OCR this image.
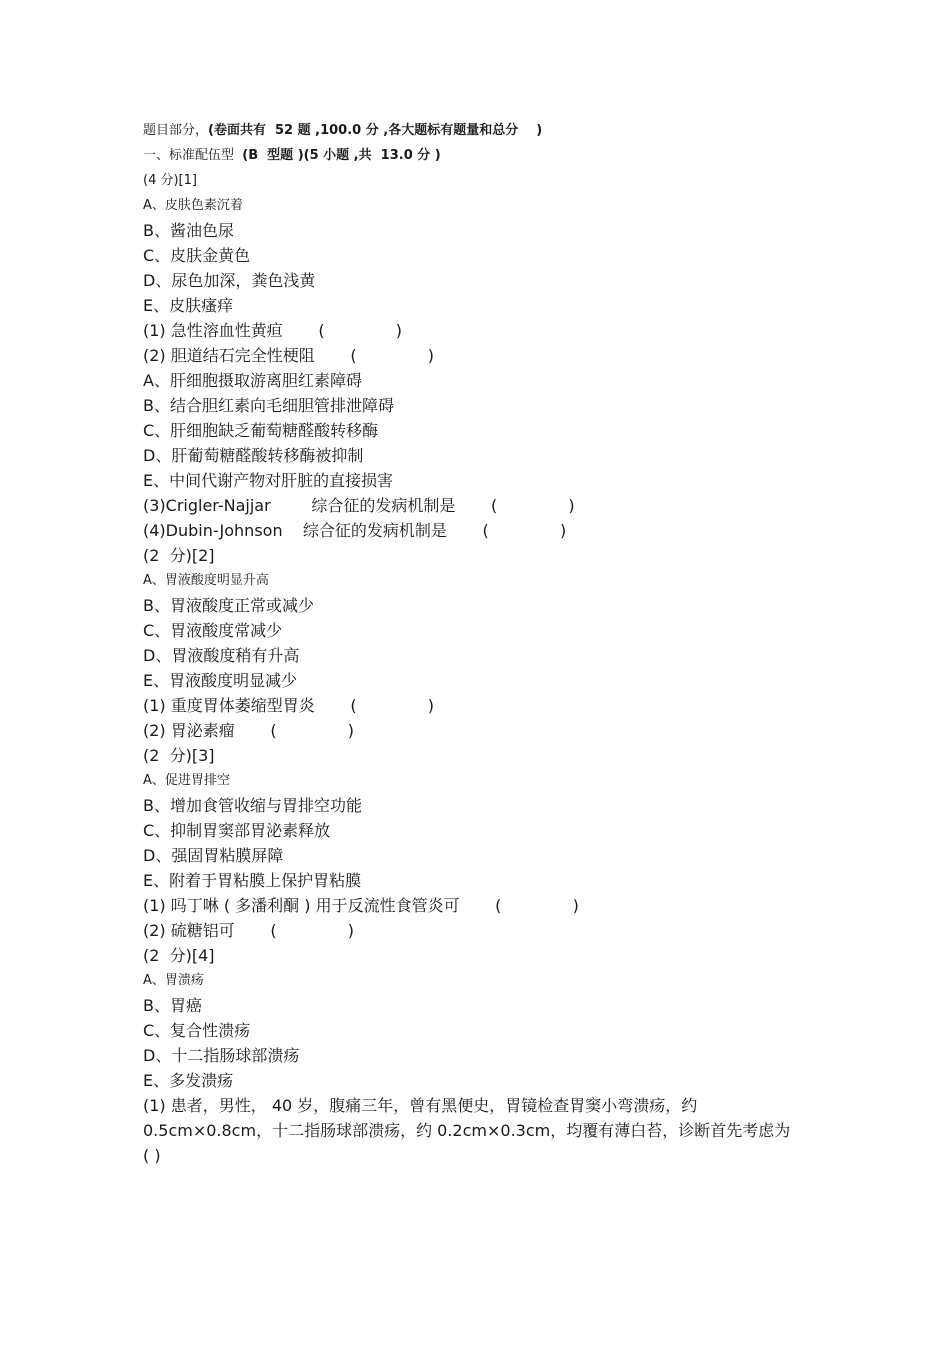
题目部分，(卷面共有  52 题 ,100.0 分 ,各大题标有题量和总分    )
一、标准配伍型  (B  型题 )(5 小题 ,共  13.0 分 )
(4 分)[1]
A、皮肤色素沉着
B、酱油色尿
C、皮肤金黄色
D、尿色加深，粪色浅黄
E、皮肤瘙痒
(1) 急性溶血性黄疸       (              )
(2) 胆道结石完全性梗阻       (              )
A、肝细胞摄取游离胆红素障碍
B、结合胆红素向毛细胆管排泄障碍
C、肝细胞缺乏葡萄糖醛酸转移酶
D、肝葡萄糖醛酸转移酶被抑制
E、中间代谢产物对肝脏的直接损害
(3)Crigler-Najjar        综合征的发病机制是       (              )
(4)Dubin-Johnson    综合征的发病机制是       (              )
(2  分)[2]
A、胃液酸度明显升高
B、胃液酸度正常或减少
C、胃液酸度常减少
D、胃液酸度稍有升高
E、胃液酸度明显减少
(1) 重度胃体萎缩型胃炎       (              )
(2) 胃泌素瘤       (              )
(2  分)[3]
A、促进胃排空
B、增加食管收缩与胃排空功能
C、抑制胃窦部胃泌素释放
D、强固胃粘膜屏障
E、附着于胃粘膜上保护胃粘膜
(1) 吗丁啉 ( 多潘利酮 ) 用于反流性食管炎可       (              )
(2) 硫糖铝可       (              )
(2  分)[4]
A、胃溃疡
B、胃癌
C、复合性溃疡
D、十二指肠球部溃疡
E、多发溃疡
(1) 患者，男性， 40 岁，腹痛三年，曾有黑便史，胃镜检查胃窦小弯溃疡，约 0.5cm×0.8cm，十二指肠球部溃疡，约 0.2cm×0.3cm，均覆有薄白苔，诊断首先考虑为 ( )
